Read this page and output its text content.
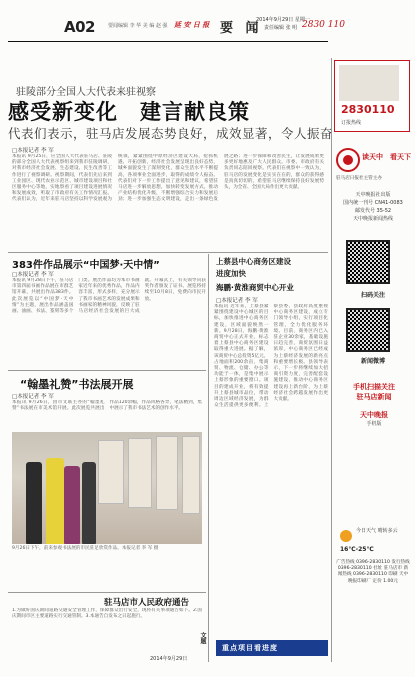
A02	要闻编辑 李 华 美 编 赵 强 延 安 日 报 要 闻
2014年9月29日 星期一
责任编辑 张 明 2830 110
驻陵部分全国人大代表来驻视察
感受新变化　建言献良策
代表们表示，驻马店发展态势良好，成效显著，令人振奋
□本报记者 李 军
本报讯 9月25日，应全国人大代表驻马店、驻陵的部分全国人大代表视察组来到我市驻陵调研，对我市经济社会发展、生态建设、民生改善等工作进行了视察调研。视察期间，代表们先后来到工业园区、现代农业示范区、城市建设项目和社区服务中心等地，实地察看了项目建设进展情况和发展成效，听取了市政府有关工作情况汇报。代表们认为，近年来驻马店坚持以科学发展观为统领，紧紧围绕中原经济区建设大局，抢抓机遇、开拓创新，经济社会发展呈现出良好态势，城乡面貌发生了深刻变化，群众生活水平不断提高，各项事业全面进步，取得的成绩令人振奋。代表们对下一步工作提出了意见和建议，希望驻马店进一步解放思想，加快转变发展方式，推动产业结构优化升级，不断增强综合实力和发展后劲；进一步加强生态文明建设，走出一条绿色发展之路；进一步保障和改善民生，让发展成果更多更好地惠及广大人民群众。市委、市政府有关负责同志陪同视察。代表们在视察中一致认为，驻马店的发展变化是实实在在的，群众的获得感是真真切切的，希望驻马店继续保持良好发展势头，为全省、全国大局作出更大贡献。
383件作品展示“中国梦·天中情”
□本报记者 李 军
本报讯 9月28日下午，驻马店市第四届书画作品展在市群艺馆开幕，共展出作品383件。此次展览以“中国梦·天中情”为主题，展出作品涵盖国画、油画、书法、篆刻等多个门类。展出作品均为本市书画家近年来的优秀作品，作品内容丰富，形式多样，充分展示了我市书画艺术的发展成果和书画家的精神风貌，反映了驻马店经济社会发展的巨大成就。开幕式上，有关领导向获奖作者颁发了证书。展览将持续至10月8日，免费向市民开放。
“翰墨礼赞”书法展开展
□本报记者 李 军
本报讯 9月26日，由市文联主办的“翰墨礼赞”书法展在市美术馆开展。此次展览共展出作品120余幅，作品风格各异，笔法精到，集中展示了我市书法艺术的创作水平。
9月26日下午，前来参观书法展的市民驻足欣赏作品。本报记者 李 军 摄
驻马店市人民政府通告
1.为做好国庆期间道路交通安全管理工作，保障群众出行安全，现将有关事项通告如下。2.国庆期间市区主要道路实行交通管制。3.本通告自发布之日起施行。
2014年9月29日
上蔡县中心商务区建设
进度加快
海鹏·黄淮商贸中心开业
□本报记者 李 军
本报讯 近年来，上蔡县紧紧围绕建设中心城区的目标，加快推进中心商务区建设，区域面貌焕然一新。9月28日，海鹏·黄淮商贸中心正式开业，标志着上蔡县中心商务区建设取得重大进展。据了解，该商贸中心总投资5亿元，占地面积200余亩，集商贸、物流、仓储、办公等功能于一体，是集中展示上蔡形象的重要窗口。项目的建成开业，将有效提升上蔡县城市品位，带动周边区域经济发展，为群众生活提供更多便利。上蔡县委、县政府高度重视中心商务区建设，成立专门领导小组，实行项目化管理，全力优化服务环境。目前，商务区内已入驻企业30余家，基础设施日趋完善，商贸氛围日益浓厚，中心商务区已经成为上蔡经济发展的新亮点和重要增长极。县领导表示，下一步将继续加大招商引资力度，完善配套设施建设，推动中心商务区建设再上新台阶，为上蔡经济社会跨越发展作出更大贡献。
文题
重点项目看进度
2830110
订报热线
读天中　看天下
驻马店日报社主管主办
天中晚报社出版
国内统一刊号 CN41-0083
邮发代号 35-52
天中晚报新闻热线
扫码关注
新闻微博
手机扫描关注
驻马店新闻
天中晚报
手机版
今日天气 晴转多云
16℃-25℃
广告热线 0396-2830110 发行热线 0396-2830110 社址 驻马店市 新闻热线 0396-2830110 印刷 天中晚报印刷厂 定价 1.00元
